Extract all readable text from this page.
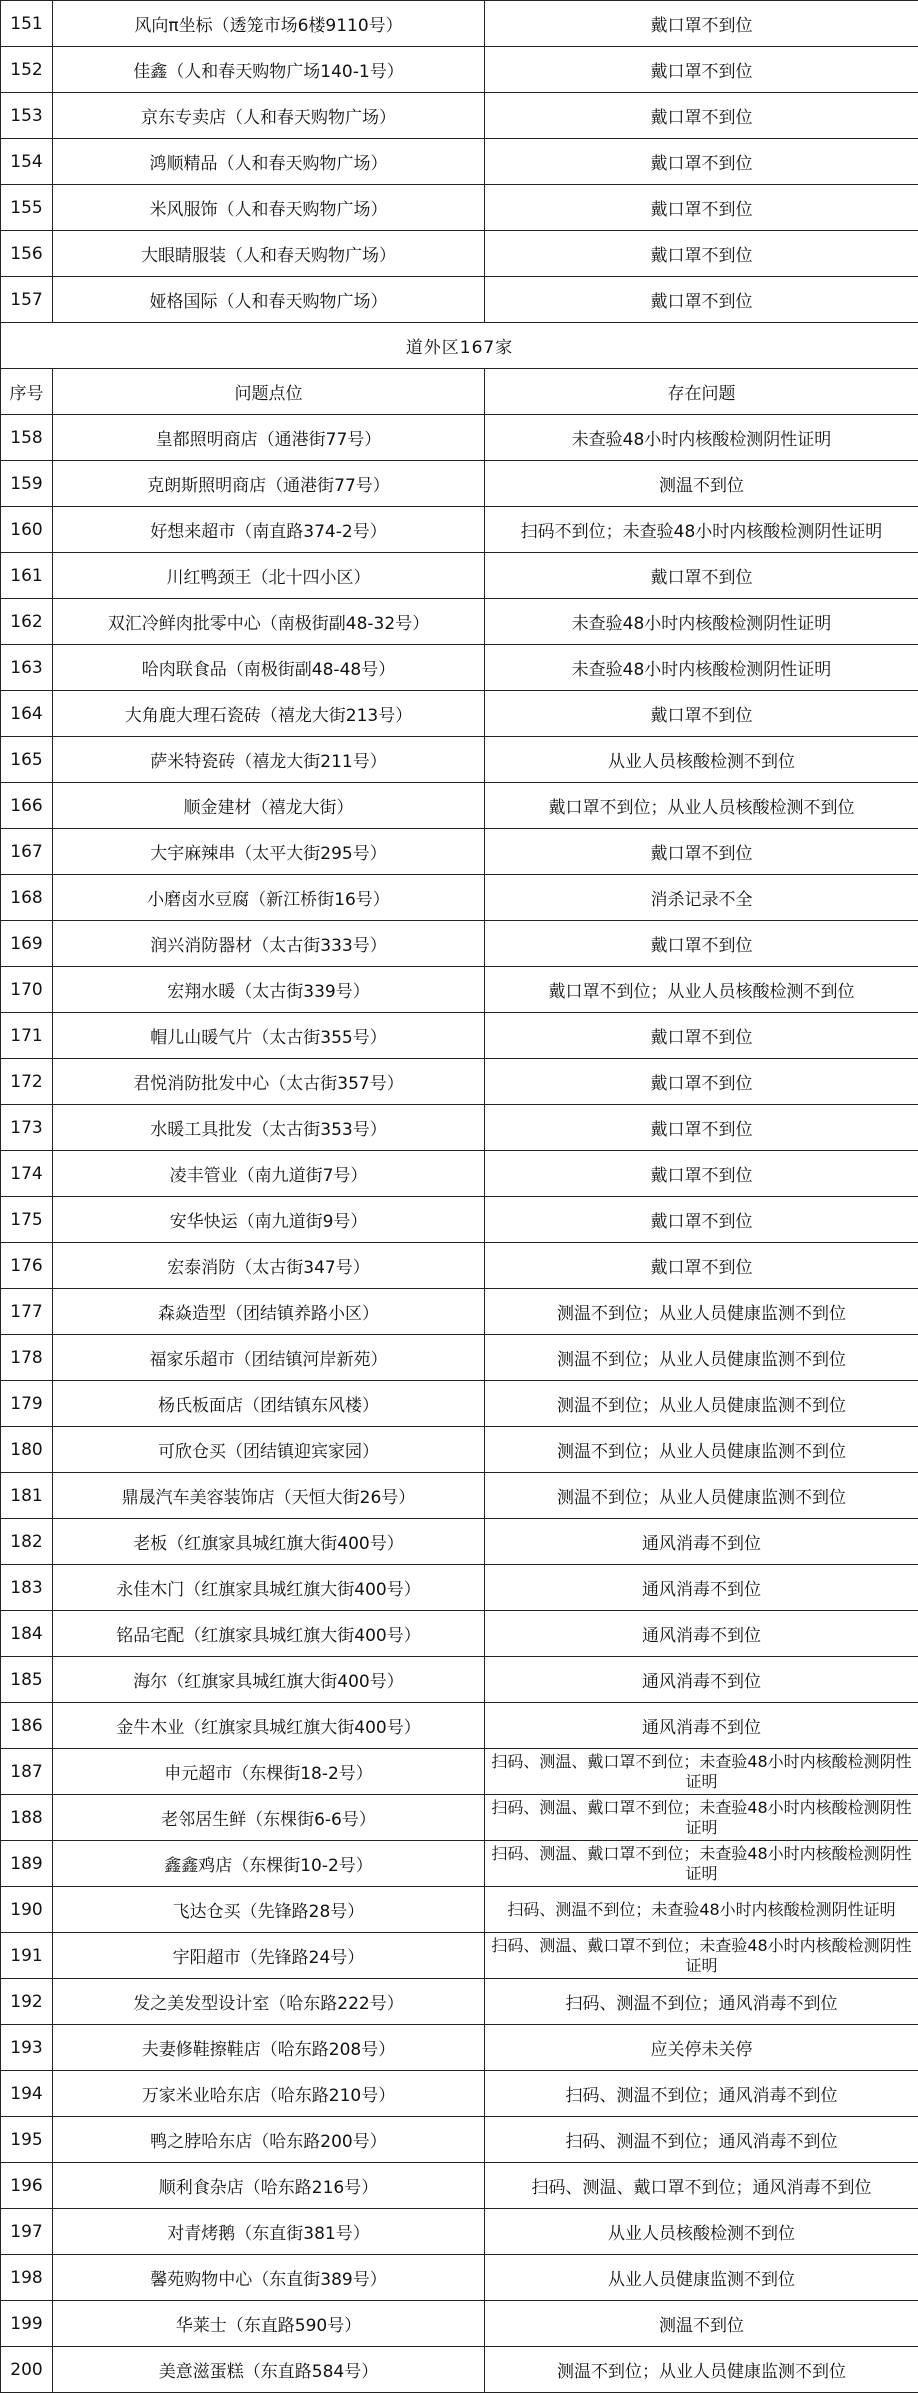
151	风向π坐标（透笼市场6楼9110号）	戴口罩不到位
152	佳鑫（人和春天购物广场140-1号）	戴口罩不到位
153	京东专卖店（人和春天购物广场）	戴口罩不到位
154	鸿顺精品（人和春天购物广场）	戴口罩不到位
155	米风服饰（人和春天购物广场）	戴口罩不到位
156	大眼睛服装（人和春天购物广场）	戴口罩不到位
157	娅格国际（人和春天购物广场）	戴口罩不到位
道外区167家		
序号	问题点位	存在问题
158	皇都照明商店（通港街77号）	未查验48小时内核酸检测阴性证明
159	克朗斯照明商店（通港街77号）	测温不到位
160	好想来超市（南直路374-2号）	扫码不到位；未查验48小时内核酸检测阴性证明
161	川红鸭颈王（北十四小区）	戴口罩不到位
162	双汇冷鲜肉批零中心（南极街副48-32号）	未查验48小时内核酸检测阴性证明
163	哈肉联食品（南极街副48-48号）	未查验48小时内核酸检测阴性证明
164	大角鹿大理石瓷砖（禧龙大街213号）	戴口罩不到位
165	萨米特瓷砖（禧龙大街211号）	从业人员核酸检测不到位
166	顺金建材（禧龙大街）	戴口罩不到位；从业人员核酸检测不到位
167	大宇麻辣串（太平大街295号）	戴口罩不到位
168	小磨卤水豆腐（新江桥街16号）	消杀记录不全
169	润兴消防器材（太古街333号）	戴口罩不到位
170	宏翔水暖（太古街339号）	戴口罩不到位；从业人员核酸检测不到位
171	帽儿山暖气片（太古街355号）	戴口罩不到位
172	君悦消防批发中心（太古街357号）	戴口罩不到位
173	水暖工具批发（太古街353号）	戴口罩不到位
174	凌丰管业（南九道街7号）	戴口罩不到位
175	安华快运（南九道街9号）	戴口罩不到位
176	宏泰消防（太古街347号）	戴口罩不到位
177	森焱造型（团结镇养路小区）	测温不到位；从业人员健康监测不到位
178	福家乐超市（团结镇河岸新苑）	测温不到位；从业人员健康监测不到位
179	杨氏板面店（团结镇东风楼）	测温不到位；从业人员健康监测不到位
180	可欣仓买（团结镇迎宾家园）	测温不到位；从业人员健康监测不到位
181	鼎晟汽车美容装饰店（天恒大街26号）	测温不到位；从业人员健康监测不到位
182	老板（红旗家具城红旗大街400号）	通风消毒不到位
183	永佳木门（红旗家具城红旗大街400号）	通风消毒不到位
184	铭品宅配（红旗家具城红旗大街400号）	通风消毒不到位
185	海尔（红旗家具城红旗大街400号）	通风消毒不到位
186	金牛木业（红旗家具城红旗大街400号）	通风消毒不到位
187	申元超市（东棵街18-2号）	扫码、测温、戴口罩不到位；未查验48小时内核酸检测阴性证明
188	老邻居生鲜（东棵街6-6号）	扫码、测温、戴口罩不到位；未查验48小时内核酸检测阴性证明
189	鑫鑫鸡店（东棵街10-2号）	扫码、测温、戴口罩不到位；未查验48小时内核酸检测阴性证明
190	飞达仓买（先锋路28号）	扫码、测温不到位；未查验48小时内核酸检测阴性证明
191	宇阳超市（先锋路24号）	扫码、测温、戴口罩不到位；未查验48小时内核酸检测阴性证明
192	发之美发型设计室（哈东路222号）	扫码、测温不到位；通风消毒不到位
193	夫妻修鞋擦鞋店（哈东路208号）	应关停未关停
194	万家米业哈东店（哈东路210号）	扫码、测温不到位；通风消毒不到位
195	鸭之脖哈东店（哈东路200号）	扫码、测温不到位；通风消毒不到位
196	顺利食杂店（哈东路216号）	扫码、测温、戴口罩不到位；通风消毒不到位
197	对青烤鹅（东直街381号）	从业人员核酸检测不到位
198	馨苑购物中心（东直街389号）	从业人员健康监测不到位
199	华莱士（东直路590号）	测温不到位
200	美意滋蛋糕（东直路584号）	测温不到位；从业人员健康监测不到位
